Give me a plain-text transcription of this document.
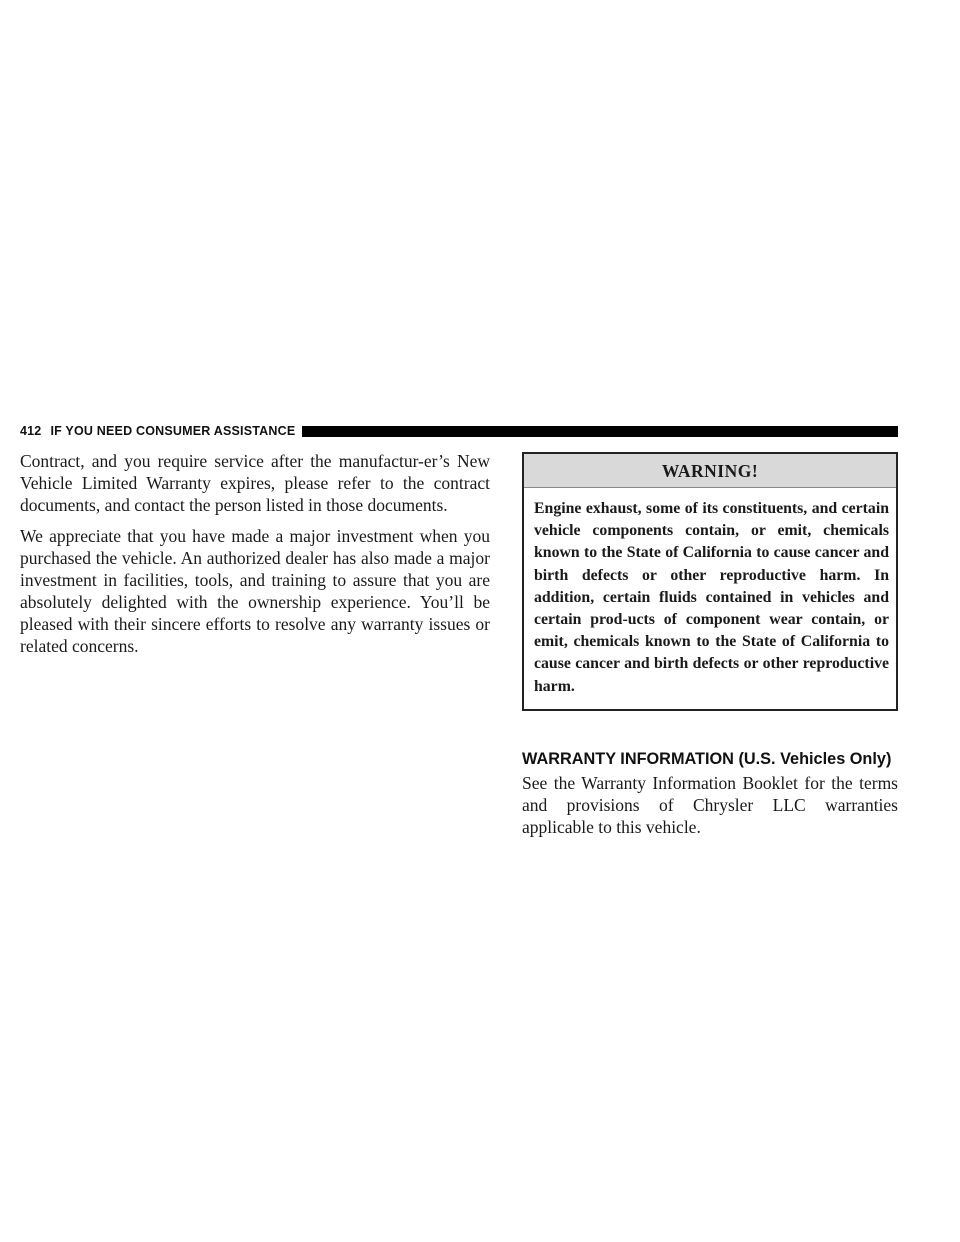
412 IF YOU NEED CONSUMER ASSISTANCE

Contract, and you require service after the manufactur-er’s New Vehicle Limited Warranty expires, please refer to the contract documents, and contact the person listed in those documents.

We appreciate that you have made a major investment when you purchased the vehicle. An authorized dealer has also made a major investment in facilities, tools, and training to assure that you are absolutely delighted with the ownership experience. You’ll be pleased with their sincere efforts to resolve any warranty issues or related concerns.

WARNING!

Engine exhaust, some of its constituents, and certain vehicle components contain, or emit, chemicals known to the State of California to cause cancer and birth defects or other reproductive harm. In addition, certain fluids contained in vehicles and certain prod-ucts of component wear contain, or emit, chemicals known to the State of California to cause cancer and birth defects or other reproductive harm.

WARRANTY INFORMATION (U.S. Vehicles Only)

See the Warranty Information Booklet for the terms and provisions of Chrysler LLC warranties applicable to this vehicle.
